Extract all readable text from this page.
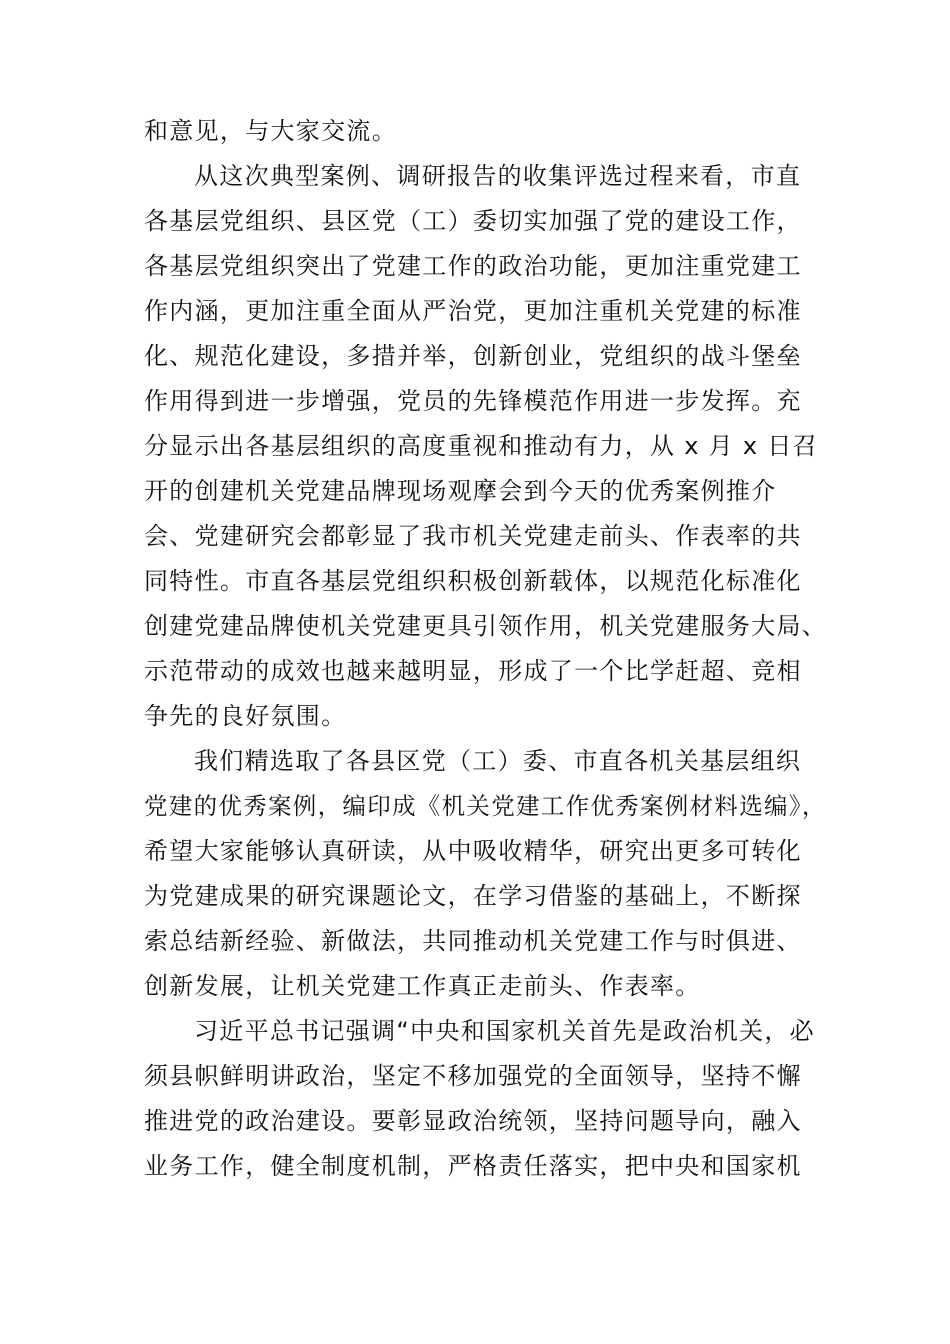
和意见，与大家交流。

从这次典型案例、调研报告的收集评选过程来看，市直

各基层党组织、县区党（工）委切实加强了党的建设工作，

各基层党组织突出了党建工作的政治功能，更加注重党建工

作内涵，更加注重全面从严治党，更加注重机关党建的标准

化、规范化建设，多措并举，创新创业，党组织的战斗堡垒

作用得到进一步增强，党员的先锋模范作用进一步发挥。充

分显示出各基层组织的高度重视和推动有力，从 x 月 x 日召

开的创建机关党建品牌现场观摩会到今天的优秀案例推介

会、党建研究会都彰显了我市机关党建走前头、作表率的共

同特性。市直各基层党组织积极创新载体，以规范化标准化

创建党建品牌使机关党建更具引领作用，机关党建服务大局、

示范带动的成效也越来越明显，形成了一个比学赶超、竞相

争先的良好氛围。

我们精选取了各县区党（工）委、市直各机关基层组织

党建的优秀案例，编印成《机关党建工作优秀案例材料选编》，

希望大家能够认真研读，从中吸收精华，研究出更多可转化

为党建成果的研究课题论文，在学习借鉴的基础上，不断探

索总结新经验、新做法，共同推动机关党建工作与时俱进、

创新发展，让机关党建工作真正走前头、作表率。

习近平总书记强调“中央和国家机关首先是政治机关，必

须县帜鲜明讲政治，坚定不移加强党的全面领导，坚持不懈

推进党的政治建设。要彰显政治统领，坚持问题导向，融入

业务工作，健全制度机制，严格责任落实，把中央和国家机
